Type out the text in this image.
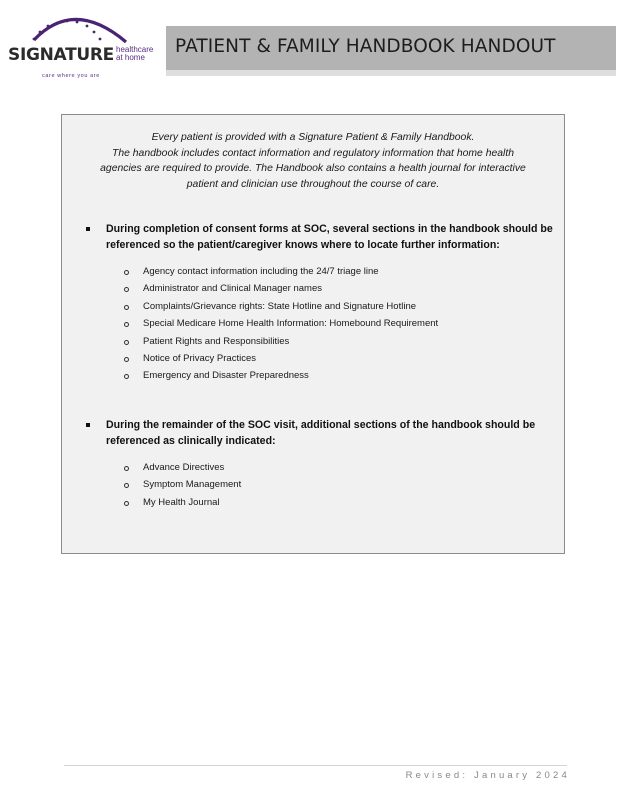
SIGNATURE healthcare
at home
care where you are
PATIENT & FAMILY HANDBOOK HANDOUT
Every patient is provided with a Signature Patient & Family Handbook.
The handbook includes contact information and regulatory information that home health
agencies are required to provide. The Handbook also contains a health journal for interactive
patient and clinician use throughout the course of care.
During completion of consent forms at SOC, several sections in the handbook should be referenced so the patient/caregiver knows where to locate further information:
Agency contact information including the 24/7 triage line
Administrator and Clinical Manager names
Complaints/Grievance rights: State Hotline and Signature Hotline
Special Medicare Home Health Information: Homebound Requirement
Patient Rights and Responsibilities
Notice of Privacy Practices
Emergency and Disaster Preparedness
During the remainder of the SOC visit, additional sections of the handbook should be referenced as clinically indicated:
Advance Directives
Symptom Management
My Health Journal
Revised: January 2024
